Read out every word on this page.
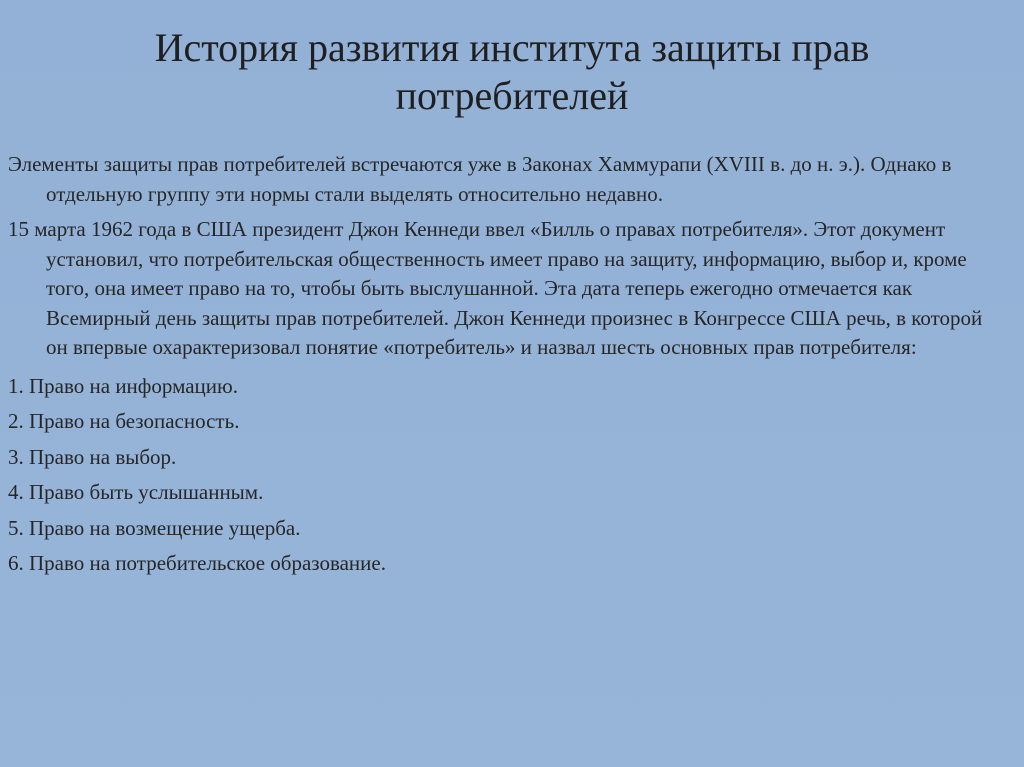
История развития института защиты прав потребителей

Элементы защиты прав потребителей встречаются уже в Законах Хаммурапи (XVIII в. до н. э.). Однако в отдельную группу эти нормы стали выделять относительно недавно.

15 марта 1962 года в США президент Джон Кеннеди ввел «Билль о правах потребителя». Этот документ установил, что потребительская общественность имеет право на защиту, информацию, выбор и, кроме того, она имеет право на то, чтобы быть выслушанной. Эта дата теперь ежегодно отмечается как Всемирный день защиты прав потребителей. Джон Кеннеди произнес в Конгрессе США речь, в которой он впервые охарактеризовал понятие «потребитель» и назвал шесть основных прав потребителя:

1. Право на информацию.

2. Право на безопасность.

3. Право на выбор.

4. Право быть услышанным.

5. Право на возмещение ущерба.

6. Право на потребительское образование.
